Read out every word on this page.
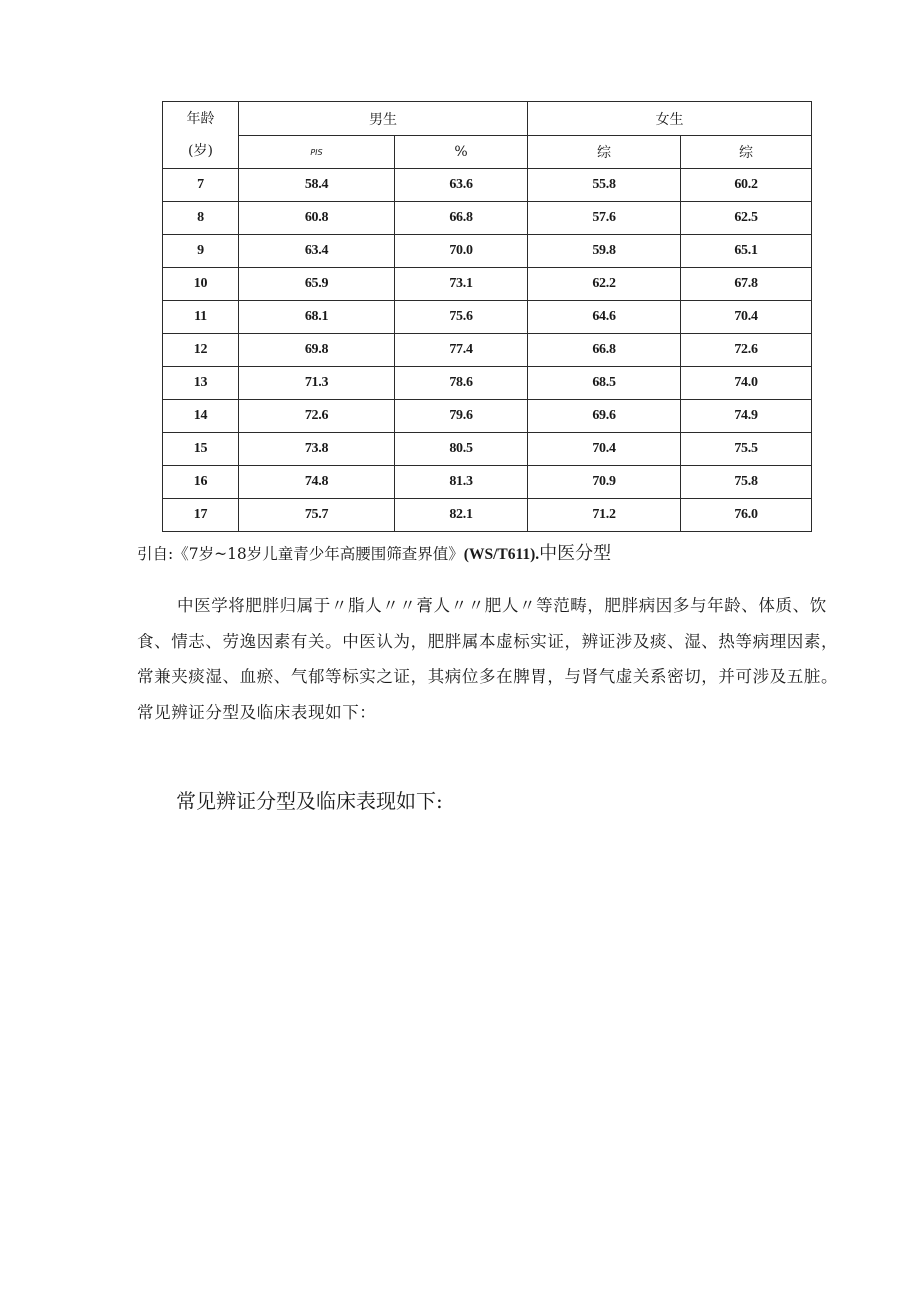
年龄
(岁)	男生		女生	
	PIS	%	综	综
7	58.4	63.6	55.8	60.2
8	60.8	66.8	57.6	62.5
9	63.4	70.0	59.8	65.1
10	65.9	73.1	62.2	67.8
11	68.1	75.6	64.6	70.4
12	69.8	77.4	66.8	72.6
13	71.3	78.6	68.5	74.0
14	72.6	79.6	69.6	74.9
15	73.8	80.5	70.4	75.5
16	74.8	81.3	70.9	75.8
17	75.7	82.1	71.2	76.0
引自:《7岁~18岁儿童青少年高腰围筛查界值》(WS/T611).中医分型
中医学将肥胖归属于〃脂人〃〃膏人〃〃肥人〃等范畴，肥胖病因多与年龄、体质、饮食、情志、劳逸因素有关。中医认为，肥胖属本虚标实证，辨证涉及痰、湿、热等病理因素，常兼夹痰湿、血瘀、气郁等标实之证，其病位多在脾胃，与肾气虚关系密切，并可涉及五脏。常见辨证分型及临床表现如下：
常见辨证分型及临床表现如下:
